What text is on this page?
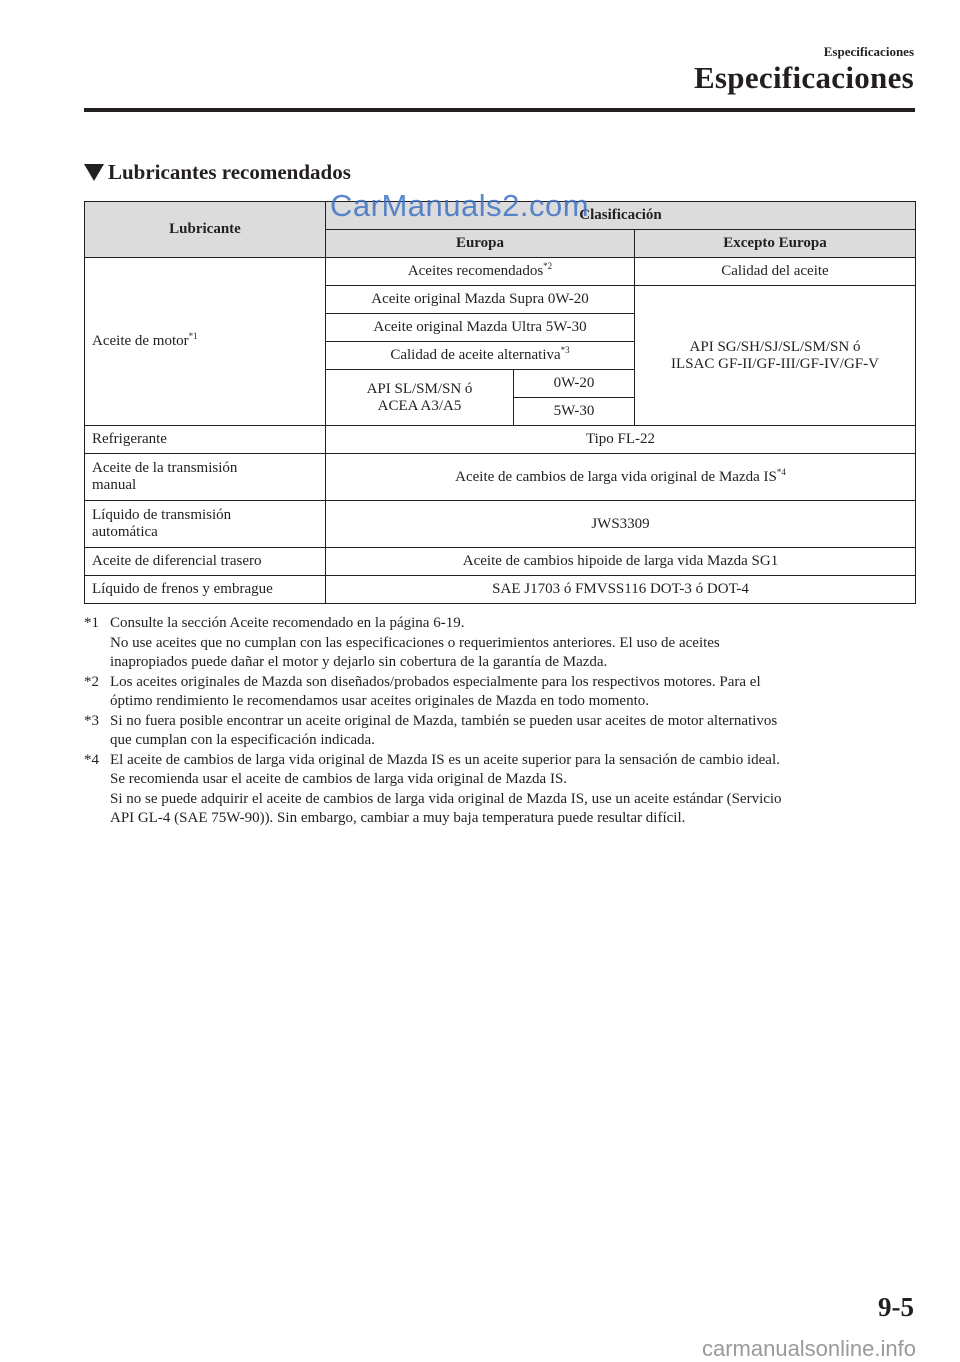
Especificaciones
Especificaciones
Lubricantes recomendados
Lubricante	Clasificación		
	Europa		Excepto Europa
Aceite de motor$^{*1}$	Aceites recomendados$^{*2}$		Calidad del aceite
	Aceite original Mazda Supra 0W-20		API SG/SH/SJ/SL/SM/SN ó
ILSAC GF-II/GF-III/GF-IV/GF-V
	Aceite original Mazda Ultra 5W-30		
	Calidad de aceite alternativa$^{*3}$
	API SL/SM/SN ó
ACEA A3/A5	0W-20	
		5W-30	
Refrigerante	Tipo FL-22		
Aceite de la transmisión
manual	Aceite de cambios de larga vida original de Mazda IS$^{*4}$
Líquido de transmisión
automática	JWS3309		
Aceite de diferencial trasero	Aceite de cambios hipoide de larga vida Mazda SG1		
Líquido de frenos y embrague	SAE J1703 ó FMVSS116 DOT-3 ó DOT-4		
CarManuals2.com
*1 Consulte la sección Aceite recomendado en la página 6-19.
No use aceites que no cumplan con las especificaciones o requerimientos anteriores. El uso de aceites
inapropiados puede dañar el motor y dejarlo sin cobertura de la garantía de Mazda.
*2 Los aceites originales de Mazda son diseñados/probados especialmente para los respectivos motores. Para el
óptimo rendimiento le recomendamos usar aceites originales de Mazda en todo momento.
*3 Si no fuera posible encontrar un aceite original de Mazda, también se pueden usar aceites de motor alternativos
que cumplan con la especificación indicada.
*4 El aceite de cambios de larga vida original de Mazda IS es un aceite superior para la sensación de cambio ideal.
Se recomienda usar el aceite de cambios de larga vida original de Mazda IS.
Si no se puede adquirir el aceite de cambios de larga vida original de Mazda IS, use un aceite estándar (Servicio
API GL-4 (SAE 75W-90)). Sin embargo, cambiar a muy baja temperatura puede resultar difícil.
9-5
carmanualsonline.info
